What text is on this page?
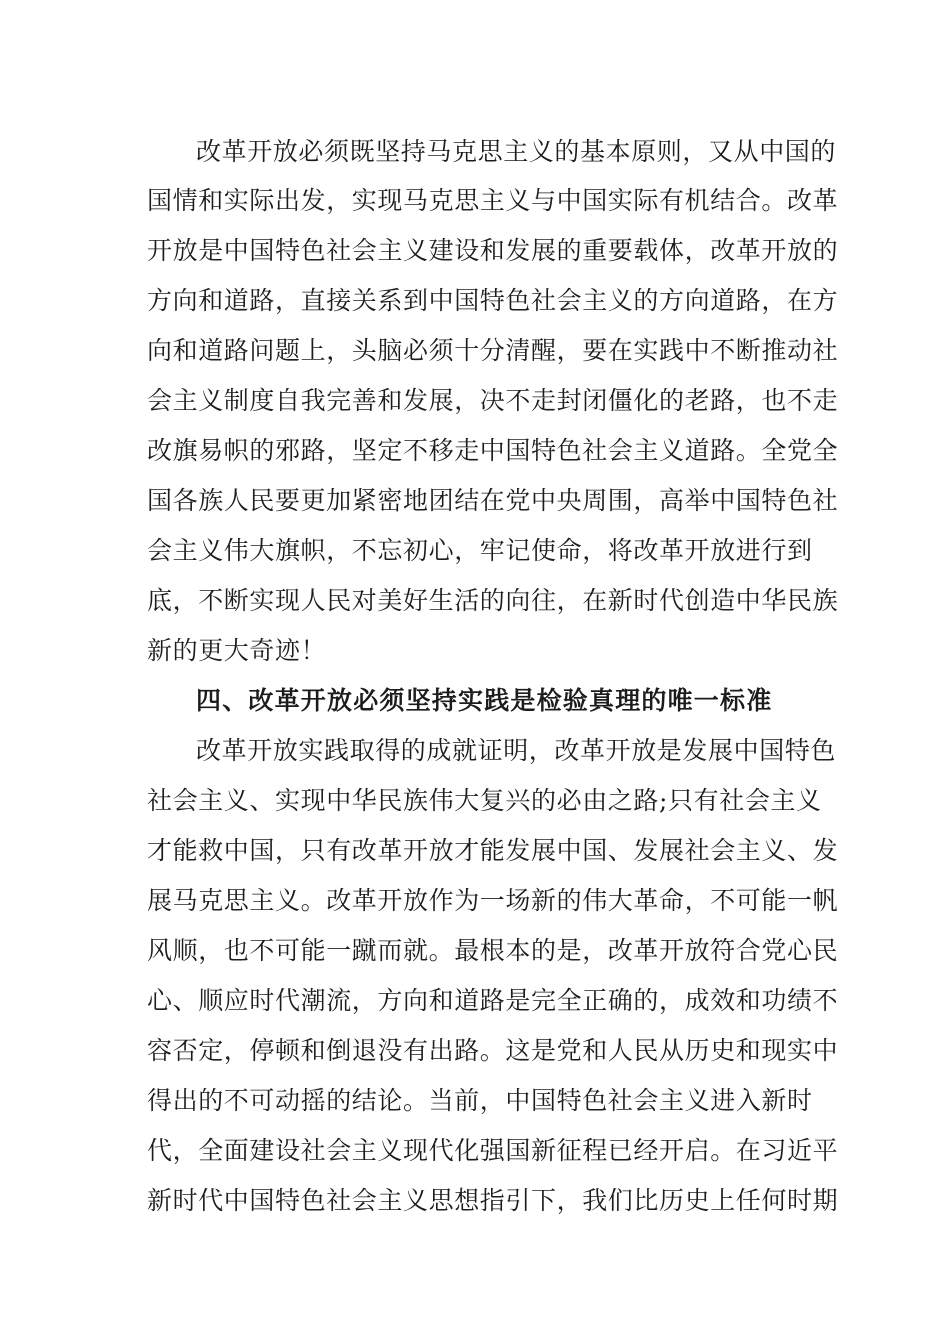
改革开放必须既坚持马克思主义的基本原则，又从中国的
国情和实际出发，实现马克思主义与中国实际有机结合。改革
开放是中国特色社会主义建设和发展的重要载体，改革开放的
方向和道路，直接关系到中国特色社会主义的方向道路，在方
向和道路问题上，头脑必须十分清醒，要在实践中不断推动社
会主义制度自我完善和发展，决不走封闭僵化的老路，也不走
改旗易帜的邪路，坚定不移走中国特色社会主义道路。全党全
国各族人民要更加紧密地团结在党中央周围，高举中国特色社
会主义伟大旗帜，不忘初心，牢记使命，将改革开放进行到
底，不断实现人民对美好生活的向往，在新时代创造中华民族
新的更大奇迹！
四、改革开放必须坚持实践是检验真理的唯一标准
改革开放实践取得的成就证明，改革开放是发展中国特色
社会主义、实现中华民族伟大复兴的必由之路;只有社会主义
才能救中国，只有改革开放才能发展中国、发展社会主义、发
展马克思主义。改革开放作为一场新的伟大革命，不可能一帆
风顺，也不可能一蹴而就。最根本的是，改革开放符合党心民
心、顺应时代潮流，方向和道路是完全正确的，成效和功绩不
容否定，停顿和倒退没有出路。这是党和人民从历史和现实中
得出的不可动摇的结论。当前，中国特色社会主义进入新时
代，全面建设社会主义现代化强国新征程已经开启。在习近平
新时代中国特色社会主义思想指引下，我们比历史上任何时期
